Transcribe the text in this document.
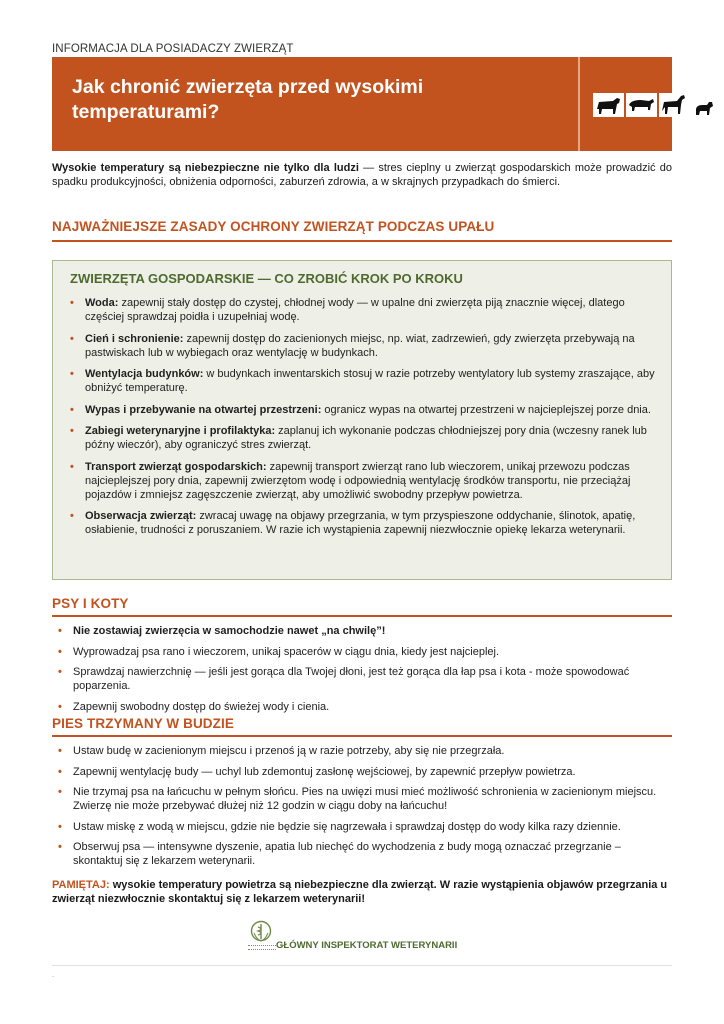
INFORMACJA DLA POSIADACZY ZWIERZĄT
Jak chronić zwierzęta przed wysokimi temperaturami?
Wysokie temperatury są niebezpieczne nie tylko dla ludzi — stres cieplny u zwierząt gospodarskich może prowadzić do spadku produkcyjności, obniżenia odporności, zaburzeń zdrowia, a w skrajnych przypadkach do śmierci.
NAJWAŻNIEJSZE ZASADY OCHRONY ZWIERZĄT PODCZAS UPAŁU
ZWIERZĘTA GOSPODARSKIE — CO ZROBIĆ KROK PO KROKU
• Woda: zapewnij stały dostęp do czystej, chłodnej wody — w upalne dni zwierzęta piją znacznie więcej, dlatego częściej sprawdzaj poidła i uzupełniaj wodę.
• Cień i schronienie: zapewnij dostęp do zacienionych miejsc, np. wiat, zadrzewień, gdy zwierzęta przebywają na pastwiskach lub w wybiegach oraz wentylację w budynkach.
• Wentylacja budynków: w budynkach inwentarskich stosuj w razie potrzeby wentylatory lub systemy zraszające, aby obniżyć temperaturę.
• Wypas i przebywanie na otwartej przestrzeni: ogranicz wypas na otwartej przestrzeni w najcieplejszej porze dnia.
• Zabiegi weterynaryjne i profilaktyka: zaplanuj ich wykonanie podczas chłodniejszej pory dnia (wczesny ranek lub późny wieczór), aby ograniczyć stres zwierząt.
• Transport zwierząt gospodarskich: zapewnij transport zwierząt rano lub wieczorem, unikaj przewozu podczas najcieplejszej pory dnia, zapewnij zwierzętom wodę i odpowiednią wentylację środków transportu, nie przeciążaj pojazdów i zmniejsz zagęszczenie zwierząt, aby umożliwić swobodny przepływ powietrza.
• Obserwacja zwierząt: zwracaj uwagę na objawy przegrzania, w tym przyspieszone oddychanie, ślinotok, apatię, osłabienie, trudności z poruszaniem. W razie ich wystąpienia zapewnij niezwłocznie opiekę lekarza weterynarii.
PSY I KOTY
• Nie zostawiaj zwierzęcia w samochodzie nawet „na chwilę”!
• Wyprowadzaj psa rano i wieczorem, unikaj spacerów w ciągu dnia, kiedy jest najcieplej.
• Sprawdzaj nawierzchnię — jeśli jest gorąca dla Twojej dłoni, jest też gorąca dla łap psa i kota - może spowodować poparzenia.
• Zapewnij swobodny dostęp do świeżej wody i cienia.
PIES TRZYMANY W BUDZIE
• Ustaw budę w zacienionym miejscu i przenoś ją w razie potrzeby, aby się nie przegrzała.
• Zapewnij wentylację budy — uchyl lub zdemontuj zasłonę wejściowej, by zapewnić przepływ powietrza.
• Nie trzymaj psa na łańcuchu w pełnym słońcu. Pies na uwięzi musi mieć możliwość schronienia w zacienionym miejscu. Zwierzę nie może przebywać dłużej niż 12 godzin w ciągu doby na łańcuchu!
• Ustaw miskę z wodą w miejscu, gdzie nie będzie się nagrzewała i sprawdzaj dostęp do wody kilka razy dziennie.
• Obserwuj psa — intensywne dyszenie, apatia lub niechęć do wychodzenia z budy mogą oznaczać przegrzanie – skontaktuj się z lekarzem weterynarii.
PAMIĘTAJ: wysokie temperatury powietrza są niebezpieczne dla zwierząt. W razie wystąpienia objawów przegrzania u zwierząt niezwłocznie skontaktuj się z lekarzem weterynarii!
GŁÓWNY INSPEKTORAT WETERYNARII
.
